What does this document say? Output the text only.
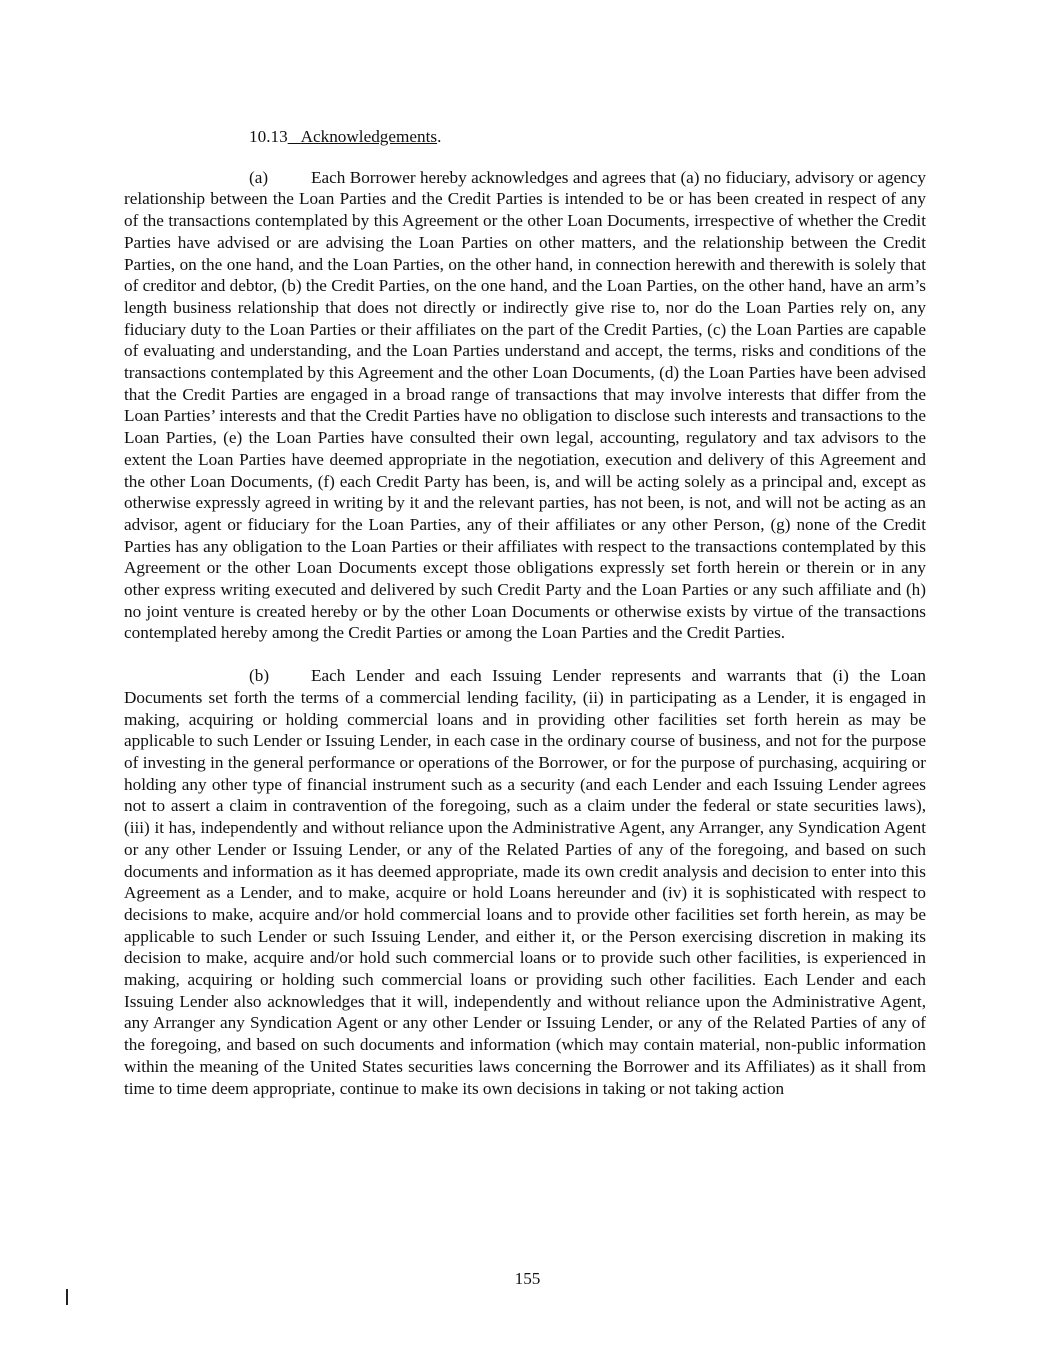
10.13 Acknowledgements.

(a) Each Borrower hereby acknowledges and agrees that (a) no fiduciary, advisory or agency relationship between the Loan Parties and the Credit Parties is intended to be or has been created in respect of any of the transactions contemplated by this Agreement or the other Loan Documents, irrespective of whether the Credit Parties have advised or are advising the Loan Parties on other matters, and the relationship between the Credit Parties, on the one hand, and the Loan Parties, on the other hand, in connection herewith and therewith is solely that of creditor and debtor, (b) the Credit Parties, on the one hand, and the Loan Parties, on the other hand, have an arm’s length business relationship that does not directly or indirectly give rise to, nor do the Loan Parties rely on, any fiduciary duty to the Loan Parties or their affiliates on the part of the Credit Parties, (c) the Loan Parties are capable of evaluating and understanding, and the Loan Parties understand and accept, the terms, risks and conditions of the transactions contemplated by this Agreement and the other Loan Documents, (d) the Loan Parties have been advised that the Credit Parties are engaged in a broad range of transactions that may involve interests that differ from the Loan Parties’ interests and that the Credit Parties have no obligation to disclose such interests and transactions to the Loan Parties, (e) the Loan Parties have consulted their own legal, accounting, regulatory and tax advisors to the extent the Loan Parties have deemed appropriate in the negotiation, execution and delivery of this Agreement and the other Loan Documents, (f) each Credit Party has been, is, and will be acting solely as a principal and, except as otherwise expressly agreed in writing by it and the relevant parties, has not been, is not, and will not be acting as an advisor, agent or fiduciary for the Loan Parties, any of their affiliates or any other Person, (g) none of the Credit Parties has any obligation to the Loan Parties or their affiliates with respect to the transactions contemplated by this Agreement or the other Loan Documents except those obligations expressly set forth herein or therein or in any other express writing executed and delivered by such Credit Party and the Loan Parties or any such affiliate and (h) no joint venture is created hereby or by the other Loan Documents or otherwise exists by virtue of the transactions contemplated hereby among the Credit Parties or among the Loan Parties and the Credit Parties.

(b) Each Lender and each Issuing Lender represents and warrants that (i) the Loan Documents set forth the terms of a commercial lending facility, (ii) in participating as a Lender, it is engaged in making, acquiring or holding commercial loans and in providing other facilities set forth herein as may be applicable to such Lender or Issuing Lender, in each case in the ordinary course of business, and not for the purpose of investing in the general performance or operations of the Borrower, or for the purpose of purchasing, acquiring or holding any other type of financial instrument such as a security (and each Lender and each Issuing Lender agrees not to assert a claim in contravention of the foregoing, such as a claim under the federal or state securities laws), (iii) it has, independently and without reliance upon the Administrative Agent, any Arranger, any Syndication Agent or any other Lender or Issuing Lender, or any of the Related Parties of any of the foregoing, and based on such documents and information as it has deemed appropriate, made its own credit analysis and decision to enter into this Agreement as a Lender, and to make, acquire or hold Loans hereunder and (iv) it is sophisticated with respect to decisions to make, acquire and/or hold commercial loans and to provide other facilities set forth herein, as may be applicable to such Lender or such Issuing Lender, and either it, or the Person exercising discretion in making its decision to make, acquire and/or hold such commercial loans or to provide such other facilities, is experienced in making, acquiring or holding such commercial loans or providing such other facilities. Each Lender and each Issuing Lender also acknowledges that it will, independently and without reliance upon the Administrative Agent, any Arranger any Syndication Agent or any other Lender or Issuing Lender, or any of the Related Parties of any of the foregoing, and based on such documents and information (which may contain material, non-public information within the meaning of the United States securities laws concerning the Borrower and its Affiliates) as it shall from time to time deem appropriate, continue to make its own decisions in taking or not taking action

155
